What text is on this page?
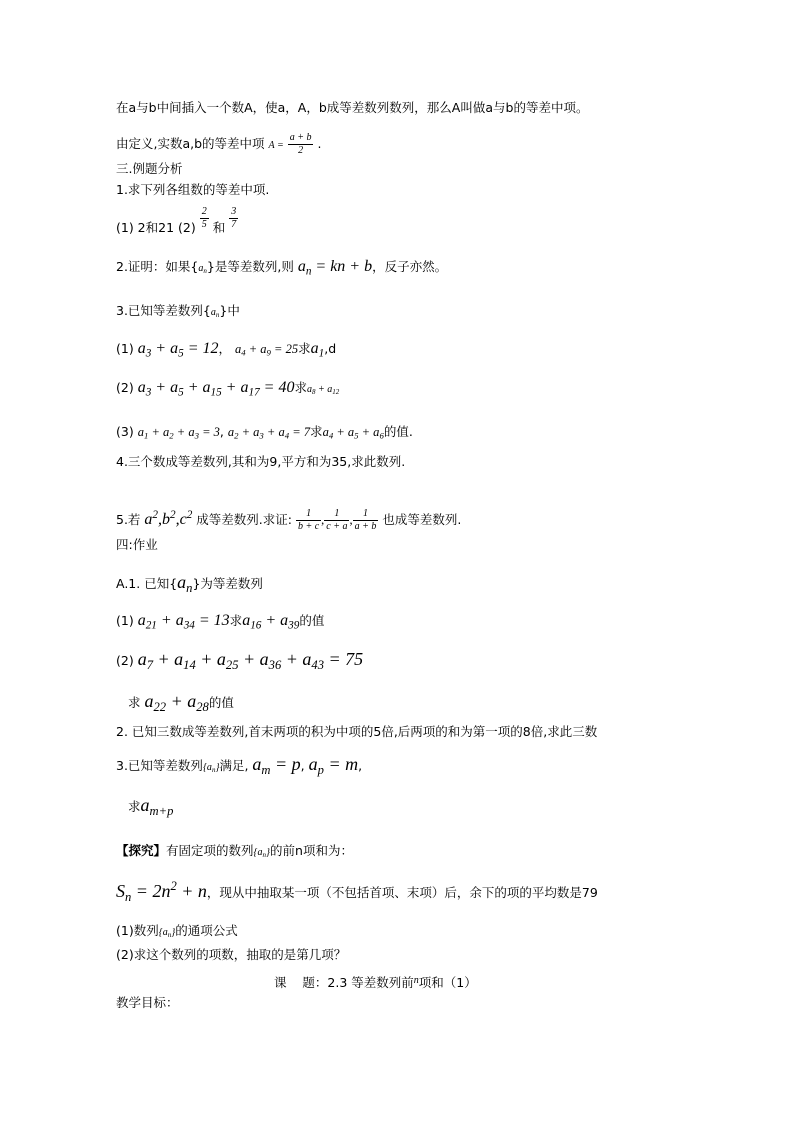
在a与b中间插入一个数A，使a，A，b成等差数列数列，那么A叫做a与b的等差中项。
由定义,实数a,b的等差中项 $A = \frac{a + b}{2}$ .
三.例题分析
1.求下列各组数的等差中项.
(1) 2和21 $(2) \frac{2}{5}$ 和 $\frac{3}{7}$
2.证明：如果$\{a_n\}$是等差数列,则 $a_n$ = kn + b，反子亦然。
3.已知等差数列$\{a_n\}$中
(1) $a_3 + a_5 = 12$， $a_4 + a_9 = 25$求$a_1,d$
(2) $a_3 + a_5 + a_{15} + a_{17} = 40$求$a_8 + a_{12}$
(3) $a_1 + a_2 + a_3 = 3$, $a_2 + a_3 + a_4 = 7$求$a_4 + a_5 + a_6$的值.
4.三个数成等差数列,其和为9,平方和为35,求此数列.
5.若 $a^2,b^2,c^2$ 成等差数列.求证: $\frac{1}{b + c}$ , $\frac{1}{c + a}$ , $\frac{1}{a + b}$ 也成等差数列.
四:作业
A.1. 已知$\{a_n\}$为等差数列
(1) $a_{21} + a_{34} = 13$求$a_{16} + a_{39}$的值
(2) $a_7 + a_{14} + a_{25} + a_{36} + a_{43} = 75$
求 $a_{22} + a_{28}$的值
2. 已知三数成等差数列,首末两项的积为中项的5倍,后两项的和为第一项的8倍,求此三数
3.已知等差数列$\{a_n\}$满足, $a_m = p$, $a_p = m$,
求$a_{m+p}$
【探究】有固定项的数列$\{a_n\}$的前n项和为：
$S_n = 2n^2 + n$，现从中抽取某一项（不包括首项、末项）后，余下的项的平均数是79
(1)数列$\{a_n\}$的通项公式
(2)求这个数列的项数，抽取的是第几项？
课    题：2.3 等差数列前$^n$项和（1）
教学目标：
